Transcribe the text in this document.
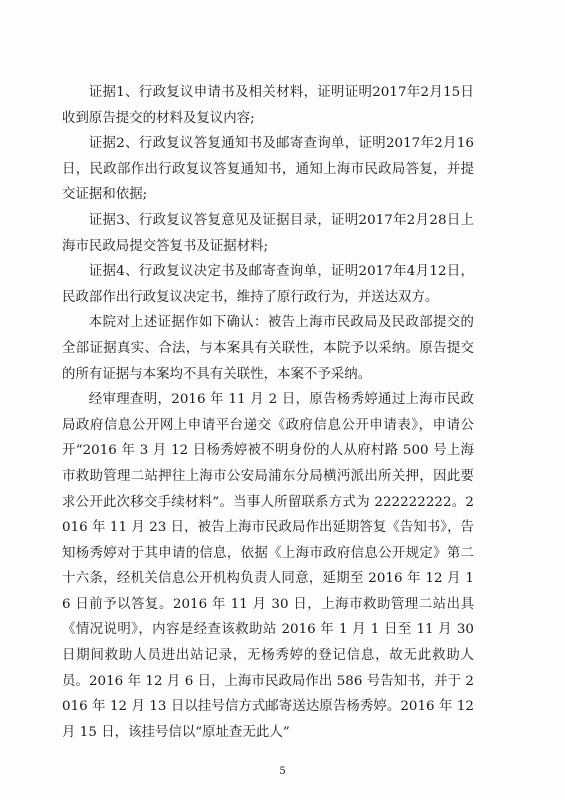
证据1、行政复议申请书及相关材料，证明证明2017年2月15日收到原告提交的材料及复议内容;

证据2、行政复议答复通知书及邮寄查询单，证明2017年2月16日，民政部作出行政复议答复通知书，通知上海市民政局答复，并提交证据和依据;

证据3、行政复议答复意见及证据目录，证明2017年2月28日上海市民政局提交答复书及证据材料;

证据4、行政复议决定书及邮寄查询单，证明2017年4月12日，民政部作出行政复议决定书，维持了原行政行为，并送达双方。

本院对上述证据作如下确认：被告上海市民政局及民政部提交的全部证据真实、合法，与本案具有关联性，本院予以采纳。原告提交的所有证据与本案均不具有关联性，本案不予采纳。

经审理查明，2016 年 11 月 2 日，原告杨秀婷通过上海市民政局政府信息公开网上申请平台递交《政府信息公开申请表》，申请公开“2016 年 3 月 12 日杨秀婷被不明身份的人从府村路 500 号上海市救助管理二站押往上海市公安局浦东分局横沔派出所关押，因此要求公开此次移交手续材料”。当事人所留联系方式为 222222222。2016 年 11 月 23 日，被告上海市民政局作出延期答复《告知书》，告知杨秀婷对于其申请的信息，依据《上海市政府信息公开规定》第二十六条，经机关信息公开机构负责人同意，延期至 2016 年 12 月 16 日前予以答复。2016 年 11 月 30 日，上海市救助管理二站出具《情况说明》，内容是经查该救助站 2016 年 1 月 1 日至 11 月 30 日期间救助人员进出站记录，无杨秀婷的登记信息，故无此救助人员。2016 年 12 月 6 日，上海市民政局作出 586 号告知书，并于 2016 年 12 月 13 日以挂号信方式邮寄送达原告杨秀婷。2016 年 12 月 15 日，该挂号信以“原址查无此人”

5
